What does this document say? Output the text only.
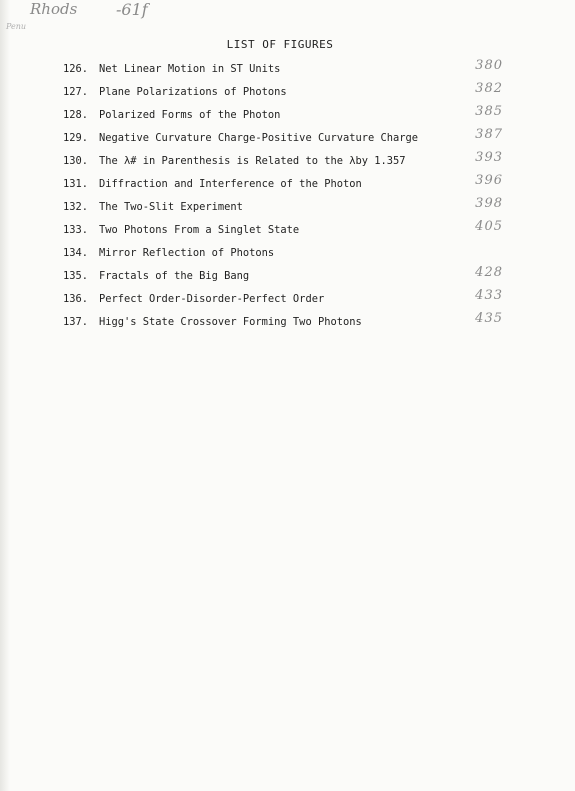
Rhods -61f
Penu
LIST OF FIGURES
126. Net Linear Motion in ST Units	380
127. Plane Polarizations of Photons	382
128. Polarized Forms of the Photon	385
129. Negative Curvature Charge-Positive Curvature Charge	387
130. The λ# in Parenthesis is Related to the λby 1.357	393
131. Diffraction and Interference of the Photon	396
132. The Two-Slit Experiment	398
133. Two Photons From a Singlet State	405
134. Mirror Reflection of Photons
135. Fractals of the Big Bang	428
136. Perfect Order-Disorder-Perfect Order	433
137. Higg's State Crossover Forming Two Photons	435
